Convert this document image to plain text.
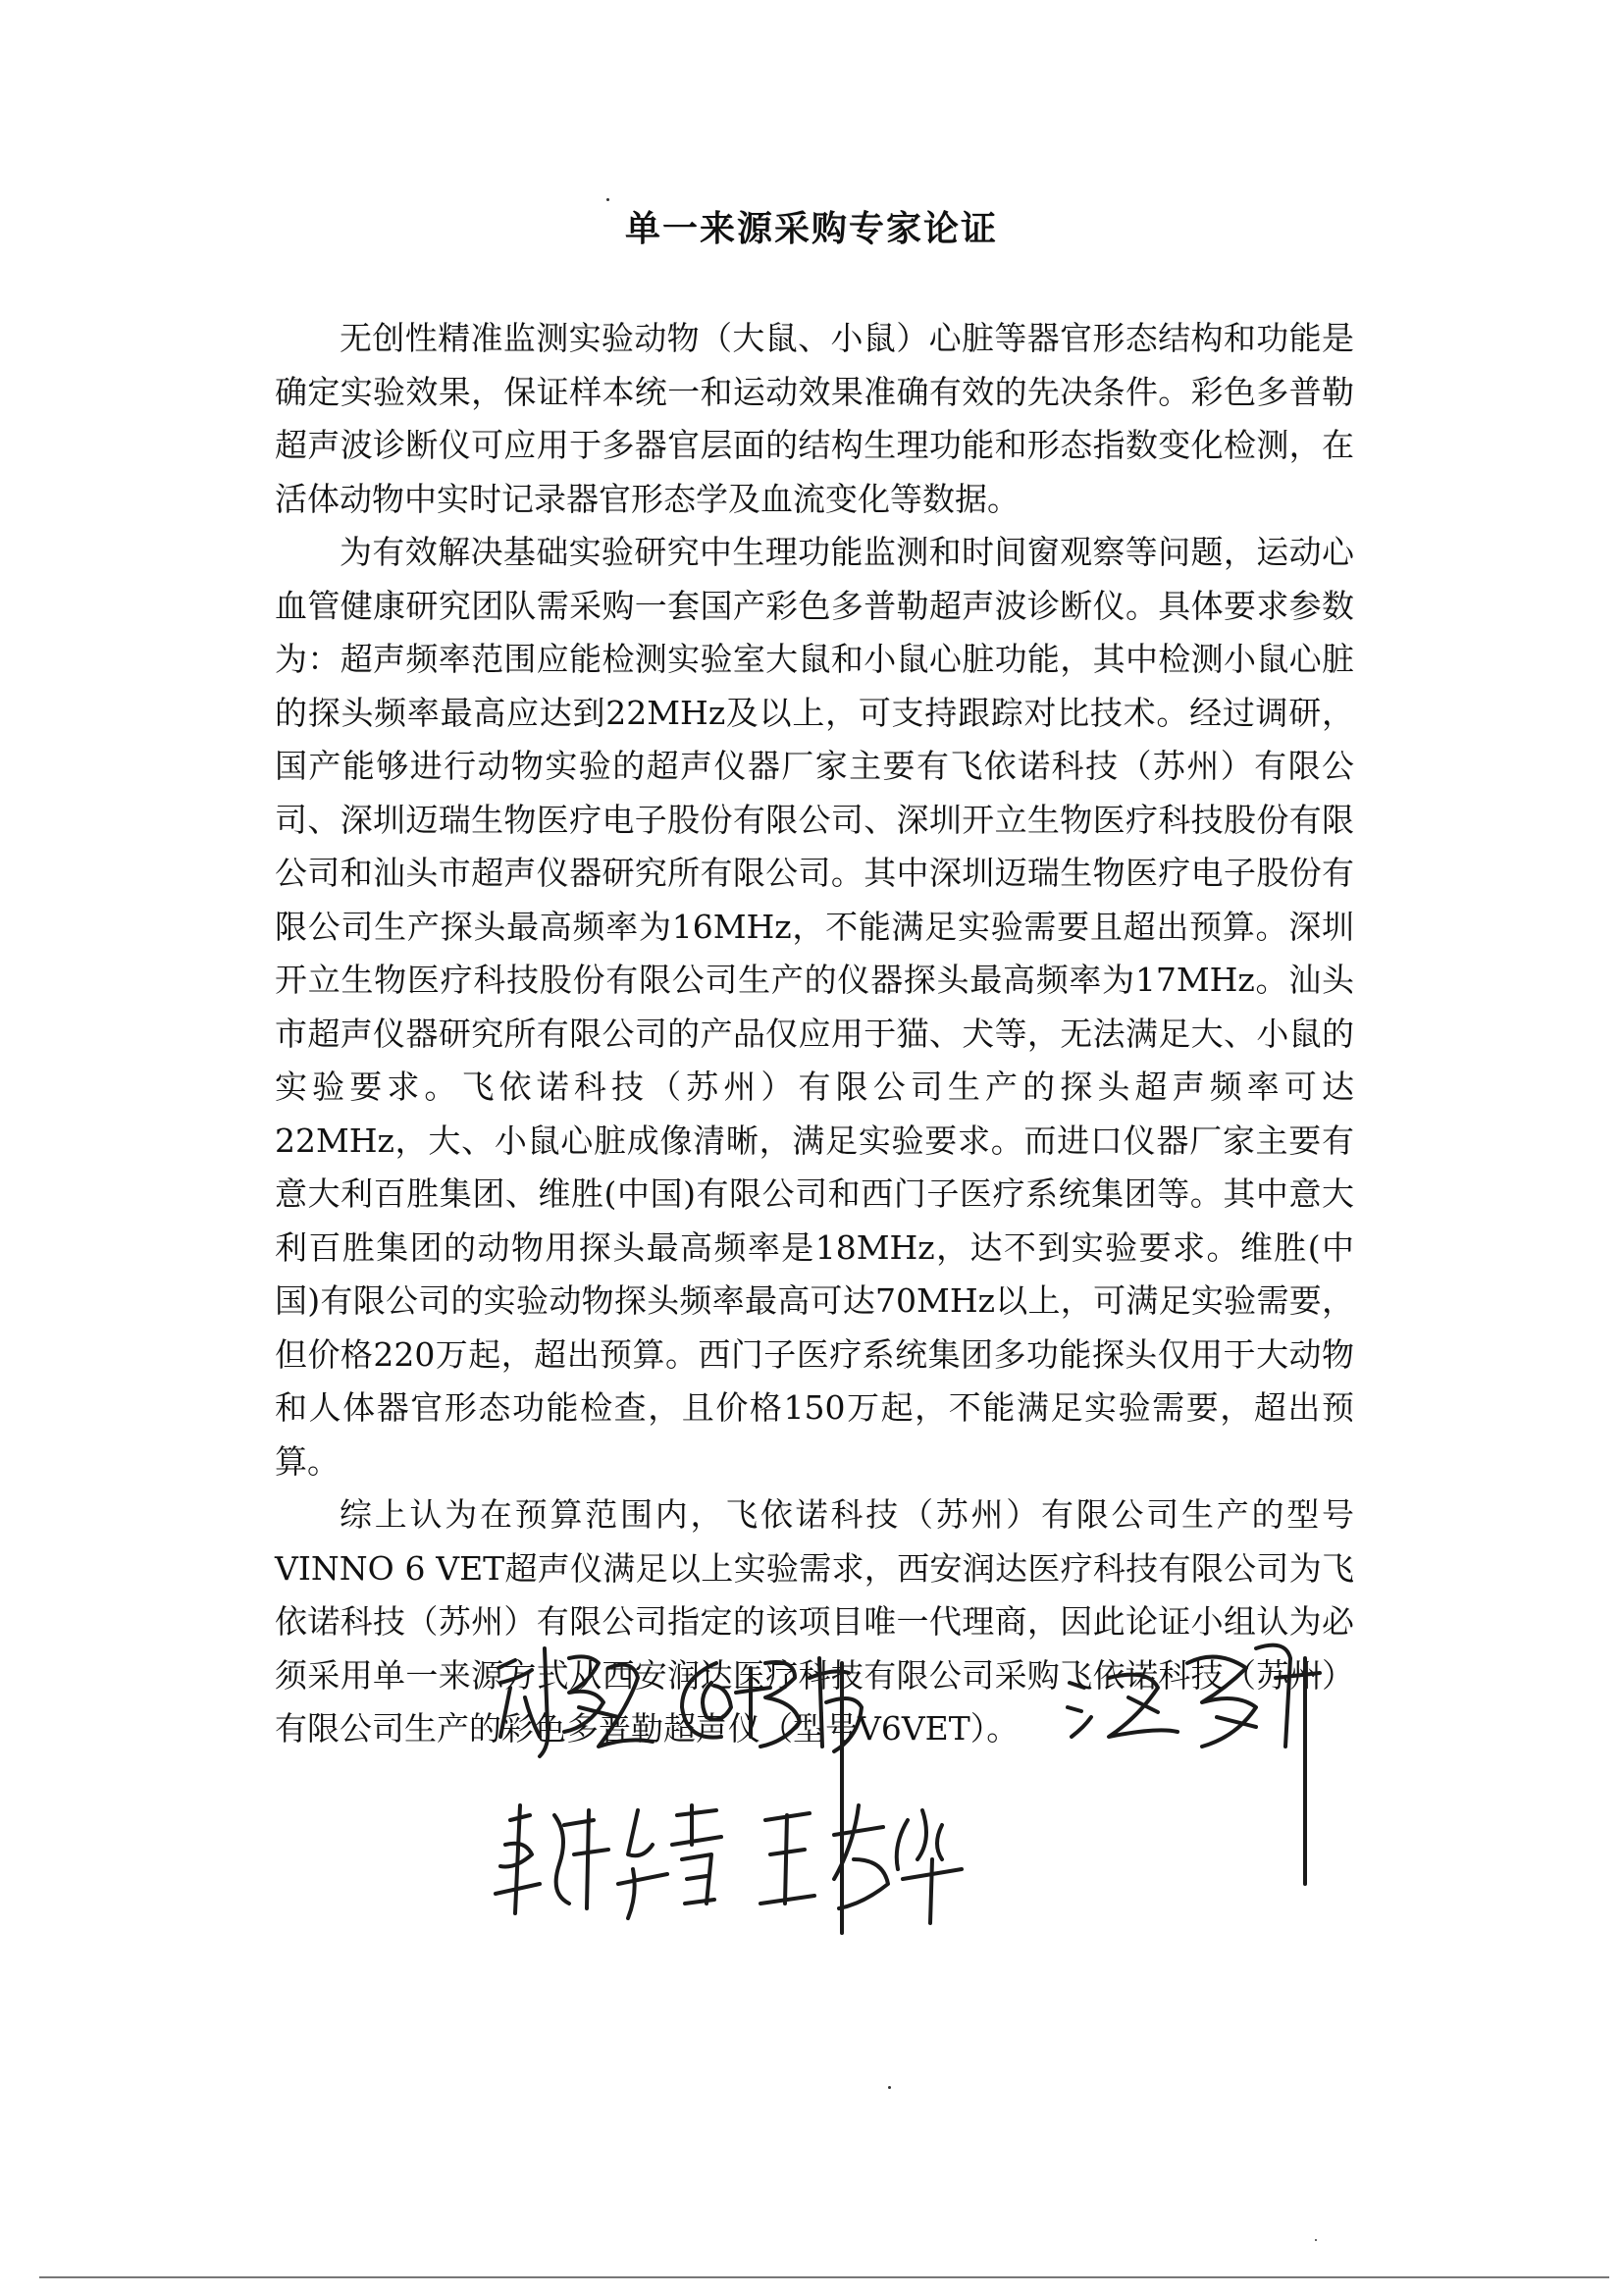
单一来源采购专家论证

无创性精准监测实验动物（大鼠、小鼠）心脏等器官形态结构和功能是确定实验效果，保证样本统一和运动效果准确有效的先决条件。彩色多普勒超声波诊断仪可应用于多器官层面的结构生理功能和形态指数变化检测，在活体动物中实时记录器官形态学及血流变化等数据。

为有效解决基础实验研究中生理功能监测和时间窗观察等问题，运动心血管健康研究团队需采购一套国产彩色多普勒超声波诊断仪。具体要求参数为：超声频率范围应能检测实验室大鼠和小鼠心脏功能，其中检测小鼠心脏的探头频率最高应达到22MHz及以上，可支持跟踪对比技术。经过调研，国产能够进行动物实验的超声仪器厂家主要有飞依诺科技（苏州）有限公司、深圳迈瑞生物医疗电子股份有限公司、深圳开立生物医疗科技股份有限公司和汕头市超声仪器研究所有限公司。其中深圳迈瑞生物医疗电子股份有限公司生产探头最高频率为16MHz，不能满足实验需要且超出预算。深圳开立生物医疗科技股份有限公司生产的仪器探头最高频率为17MHz。汕头市超声仪器研究所有限公司的产品仅应用于猫、犬等，无法满足大、小鼠的实验要求。飞依诺科技（苏州）有限公司生产的探头超声频率可达22MHz，大、小鼠心脏成像清晰，满足实验要求。而进口仪器厂家主要有意大利百胜集团、维胜(中国)有限公司和西门子医疗系统集团等。其中意大利百胜集团的动物用探头最高频率是18MHz，达不到实验要求。维胜(中国)有限公司的实验动物探头频率最高可达70MHz以上，可满足实验需要，但价格220万起，超出预算。西门子医疗系统集团多功能探头仅用于大动物和人体器官形态功能检查，且价格150万起，不能满足实验需要，超出预算。

综上认为在预算范围内，飞依诺科技（苏州）有限公司生产的型号VINNO 6 VET超声仪满足以上实验需求，西安润达医疗科技有限公司为飞依诺科技（苏州）有限公司指定的该项目唯一代理商，因此论证小组认为必须采用单一来源方式从西安润达医疗科技有限公司采购飞依诺科技（苏州）有限公司生产的彩色多普勒超声仪（型号V6VET）。
